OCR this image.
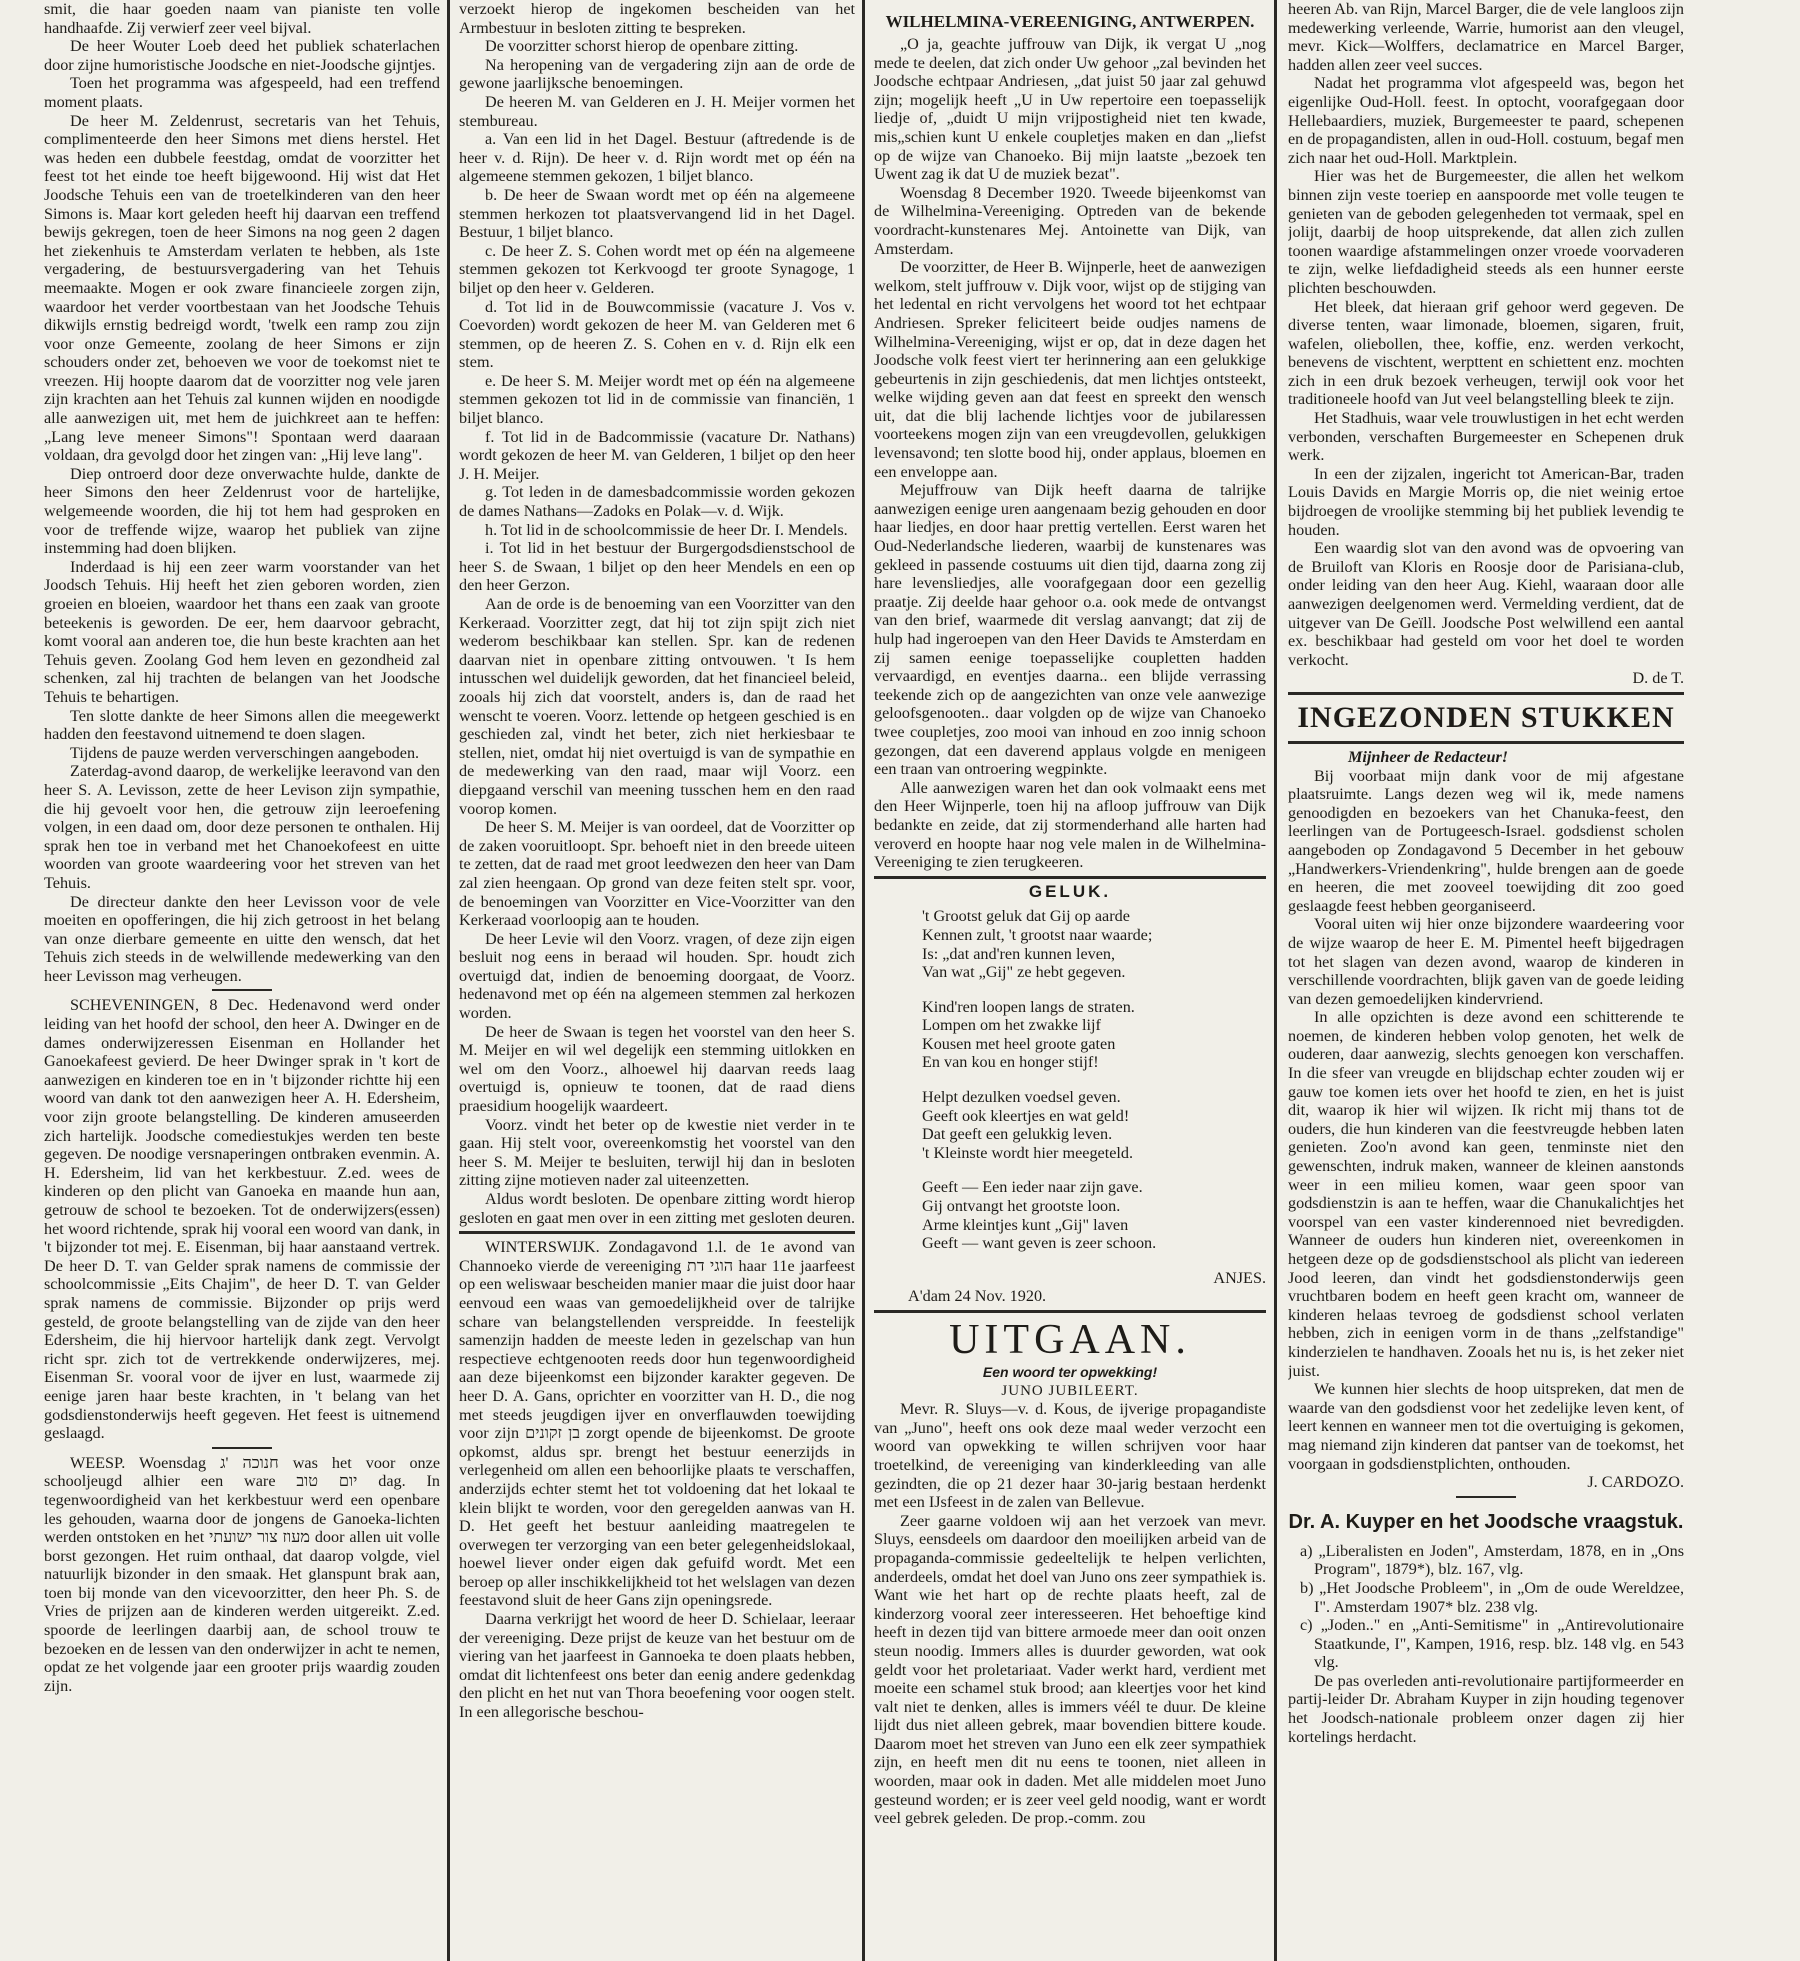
smit, die haar goeden naam van pianiste ten volle handhaafde. Zij verwierf zeer veel bijval.

De heer Wouter Loeb deed het publiek schaterlachen door zijne humoristische Joodsche en niet-Joodsche gijntjes.

Toen het programma was afgespeeld, had een treffend moment plaats.

De heer M. Zeldenrust, secretaris van het Tehuis, complimenteerde den heer Simons met diens herstel. Het was heden een dubbele feestdag, omdat de voorzitter het feest tot het einde toe heeft bijgewoond. Hij wist dat Het Joodsche Tehuis een van de troetelkinderen van den heer Simons is. Maar kort geleden heeft hij daarvan een treffend bewijs gekregen, toen de heer Simons na nog geen 2 dagen het ziekenhuis te Amsterdam verlaten te hebben, als 1ste vergadering, de bestuursvergadering van het Tehuis meemaakte. Mogen er ook zware financieele zorgen zijn, waardoor het verder voortbestaan van het Joodsche Tehuis dikwijls ernstig bedreigd wordt, 'twelk een ramp zou zijn voor onze Gemeente, zoolang de heer Simons er zijn schouders onder zet, behoeven we voor de toekomst niet te vreezen. Hij hoopte daarom dat de voorzitter nog vele jaren zijn krachten aan het Tehuis zal kunnen wijden en noodigde alle aanwezigen uit, met hem de juichkreet aan te heffen: „Lang leve meneer Simons"! Spontaan werd daaraan voldaan, dra gevolgd door het zingen van: „Hij leve lang".

Diep ontroerd door deze onverwachte hulde, dankte de heer Simons den heer Zeldenrust voor de hartelijke, welgemeende woorden, die hij tot hem had gesproken en voor de treffende wijze, waarop het publiek van zijne instemming had doen blijken.

Inderdaad is hij een zeer warm voorstander van het Joodsch Tehuis. Hij heeft het zien geboren worden, zien groeien en bloeien, waardoor het thans een zaak van groote beteekenis is geworden. De eer, hem daarvoor gebracht, komt vooral aan anderen toe, die hun beste krachten aan het Tehuis geven. Zoolang God hem leven en gezondheid zal schenken, zal hij trachten de belangen van het Joodsche Tehuis te behartigen.

Ten slotte dankte de heer Simons allen die meegewerkt hadden den feestavond uitnemend te doen slagen.

Tijdens de pauze werden ververschingen aangeboden.

Zaterdag-avond daarop, de werkelijke leeravond van den heer S. A. Levisson, zette de heer Levison zijn sympathie, die hij gevoelt voor hen, die getrouw zijn leeroefening volgen, in een daad om, door deze personen te onthalen. Hij sprak hen toe in verband met het Chanoekofeest en uitte woorden van groote waardeering voor het streven van het Tehuis.

De directeur dankte den heer Levisson voor de vele moeiten en opofferingen, die hij zich getroost in het belang van onze dierbare gemeente en uitte den wensch, dat het Tehuis zich steeds in de welwillende medewerking van den heer Levisson mag verheugen.

SCHEVENINGEN, 8 Dec. Hedenavond werd onder leiding van het hoofd der school, den heer A. Dwinger en de dames onderwijzeressen Eisenman en Hollander het Ganoekafeest gevierd. De heer Dwinger sprak in 't kort de aanwezigen en kinderen toe en in 't bijzonder richtte hij een woord van dank tot den aanwezigen heer A. H. Edersheim, voor zijn groote belangstelling. De kinderen amuseerden zich hartelijk. Joodsche comediestukjes werden ten beste gegeven. De noodige versnaperingen ontbraken evenmin. A. H. Edersheim, lid van het kerkbestuur. Z.ed. wees de kinderen op den plicht van Ganoeka en maande hun aan, getrouw de school te bezoeken. Tot de onderwijzers(essen) het woord richtende, sprak hij vooral een woord van dank, in 't bijzonder tot mej. E. Eisenman, bij haar aanstaand vertrek. De heer D. T. van Gelder sprak namens de commissie der schoolcommissie „Eits Chajim", de heer D. T. van Gelder sprak namens de commissie. Bijzonder op prijs werd gesteld, de groote belangstelling van de zijde van den heer Edersheim, die hij hiervoor hartelijk dank zegt. Vervolgt richt spr. zich tot de vertrekkende onderwijzeres, mej. Eisenman Sr. vooral voor de ijver en lust, waarmede zij eenige jaren haar beste krachten, in 't belang van het godsdienstonderwijs heeft gegeven. Het feest is uitnemend geslaagd.

WEESP. Woensdag חנוכה 'ג was het voor onze schooljeugd alhier een ware יום טוב dag. In tegenwoordigheid van het kerkbestuur werd een openbare les gehouden, waarna door de jongens de Ganoeka-lichten werden ontstoken en het מעוז צור ישועתי door allen uit volle borst gezongen. Het ruim onthaal, dat daarop volgde, viel natuurlijk bizonder in den smaak. Het glanspunt brak aan, toen bij monde van den vicevoorzitter, den heer Ph. S. de Vries de prijzen aan de kinderen werden uitgereikt. Z.ed. spoorde de leerlingen daarbij aan, de school trouw te bezoeken en de lessen van den onderwijzer in acht te nemen, opdat ze het volgende jaar een grooter prijs waardig zouden zijn.

verzoekt hierop de ingekomen bescheiden van het Armbestuur in besloten zitting te bespreken.

De voorzitter schorst hierop de openbare zitting.

Na heropening van de vergadering zijn aan de orde de gewone jaarlijksche benoemingen.

De heeren M. van Gelderen en J. H. Meijer vormen het stembureau.

a. Van een lid in het Dagel. Bestuur (aftredende is de heer v. d. Rijn). De heer v. d. Rijn wordt met op één na algemeene stemmen gekozen, 1 biljet blanco.

b. De heer de Swaan wordt met op één na algemeene stemmen herkozen tot plaatsvervangend lid in het Dagel. Bestuur, 1 biljet blanco.

c. De heer Z. S. Cohen wordt met op één na algemeene stemmen gekozen tot Kerkvoogd ter groote Synagoge, 1 biljet op den heer v. Gelderen.

d. Tot lid in de Bouwcommissie (vacature J. Vos v. Coevorden) wordt gekozen de heer M. van Gelderen met 6 stemmen, op de heeren Z. S. Cohen en v. d. Rijn elk een stem.

e. De heer S. M. Meijer wordt met op één na algemeene stemmen gekozen tot lid in de commissie van financiën, 1 biljet blanco.

f. Tot lid in de Badcommissie (vacature Dr. Nathans) wordt gekozen de heer M. van Gelderen, 1 biljet op den heer J. H. Meijer.

g. Tot leden in de damesbadcommissie worden gekozen de dames Nathans—Zadoks en Polak—v. d. Wijk.

h. Tot lid in de schoolcommissie de heer Dr. I. Mendels.

i. Tot lid in het bestuur der Burgergodsdienstschool de heer S. de Swaan, 1 biljet op den heer Mendels en een op den heer Gerzon.

Aan de orde is de benoeming van een Voorzitter van den Kerkeraad. Voorzitter zegt, dat hij tot zijn spijt zich niet wederom beschikbaar kan stellen. Spr. kan de redenen daarvan niet in openbare zitting ontvouwen. 't Is hem intusschen wel duidelijk geworden, dat het financieel beleid, zooals hij zich dat voorstelt, anders is, dan de raad het wenscht te voeren. Voorz. lettende op hetgeen geschied is en geschieden zal, vindt het beter, zich niet herkiesbaar te stellen, niet, omdat hij niet overtuigd is van de sympathie en de medewerking van den raad, maar wijl Voorz. een diepgaand verschil van meening tusschen hem en den raad voorop komen.

De heer S. M. Meijer is van oordeel, dat de Voorzitter op de zaken vooruitloopt. Spr. behoeft niet in den breede uiteen te zetten, dat de raad met groot leedwezen den heer van Dam zal zien heengaan. Op grond van deze feiten stelt spr. voor, de benoemingen van Voorzitter en Vice-Voorzitter van den Kerkeraad voorloopig aan te houden.

De heer Levie wil den Voorz. vragen, of deze zijn eigen besluit nog eens in beraad wil houden. Spr. houdt zich overtuigd dat, indien de benoeming doorgaat, de Voorz. hedenavond met op één na algemeen stemmen zal herkozen worden.

De heer de Swaan is tegen het voorstel van den heer S. M. Meijer en wil wel degelijk een stemming uitlokken en wel om den Voorz., alhoewel hij daarvan reeds laag overtuigd is, opnieuw te toonen, dat de raad diens praesidium hoogelijk waardeert.

Voorz. vindt het beter op de kwestie niet verder in te gaan. Hij stelt voor, overeenkomstig het voorstel van den heer S. M. Meijer te besluiten, terwijl hij dan in besloten zitting zijne motieven nader zal uiteenzetten.

Aldus wordt besloten. De openbare zitting wordt hierop gesloten en gaat men over in een zitting met gesloten deuren.

WINTERSWIJK. Zondagavond 1.l. de 1e avond van Channoeko vierde de vereeniging הוגי דת haar 11e jaarfeest op een weliswaar bescheiden manier maar die juist door haar eenvoud een waas van gemoedelijkheid over de talrijke schare van belangstellenden verspreidde. In feestelijk samenzijn hadden de meeste leden in gezelschap van hun respectieve echtgenooten reeds door hun tegenwoordigheid aan deze bijeenkomst een bijzonder karakter gegeven. De heer D. A. Gans, oprichter en voorzitter van H. D., die nog met steeds jeugdigen ijver en onverflauwden toewijding voor zijn בן זקונים zorgt opende de bijeenkomst. De groote opkomst, aldus spr. brengt het bestuur eenerzijds in verlegenheid om allen een behoorlijke plaats te verschaffen, anderzijds echter stemt het tot voldoening dat het lokaal te klein blijkt te worden, voor den geregelden aanwas van H. D. Het geeft het bestuur aanleiding maatregelen te overwegen ter verzorging van een beter gelegenheidslokaal, hoewel liever onder eigen dak gefuifd wordt. Met een beroep op aller inschikkelijkheid tot het welslagen van dezen feestavond sluit de heer Gans zijn openingsrede.

Daarna verkrijgt het woord de heer D. Schielaar, leeraar der vereeniging. Deze prijst de keuze van het bestuur om de viering van het jaarfeest in Gannoeka te doen plaats hebben, omdat dit lichtenfeest ons beter dan eenig andere gedenkdag den plicht en het nut van Thora beoefening voor oogen stelt. In een allegorische beschou-

WILHELMINA-VEREENIGING, ANTWERPEN.

„O ja, geachte juffrouw van Dijk, ik vergat U „nog mede te deelen, dat zich onder Uw gehoor „zal bevinden het Joodsche echtpaar Andriesen, „dat juist 50 jaar zal gehuwd zijn; mogelijk heeft „U in Uw repertoire een toepasselijk liedje of, „duidt U mijn vrijpostigheid niet ten kwade, mis„schien kunt U enkele coupletjes maken en dan „liefst op de wijze van Chanoeko. Bij mijn laatste „bezoek ten Uwent zag ik dat U de muziek bezat".

Woensdag 8 December 1920. Tweede bijeenkomst van de Wilhelmina-Vereeniging. Optreden van de bekende voordracht-kunstenares Mej. Antoinette van Dijk, van Amsterdam.

De voorzitter, de Heer B. Wijnperle, heet de aanwezigen welkom, stelt juffrouw v. Dijk voor, wijst op de stijging van het ledental en richt vervolgens het woord tot het echtpaar Andriesen. Spreker feliciteert beide oudjes namens de Wilhelmina-Vereeniging, wijst er op, dat in deze dagen het Joodsche volk feest viert ter herinnering aan een gelukkige gebeurtenis in zijn geschiedenis, dat men lichtjes ontsteekt, welke wijding geven aan dat feest en spreekt den wensch uit, dat die blij lachende lichtjes voor de jubilaressen voorteekens mogen zijn van een vreugdevollen, gelukkigen levensavond; ten slotte bood hij, onder applaus, bloemen en een enveloppe aan.

Mejuffrouw van Dijk heeft daarna de talrijke aanwezigen eenige uren aangenaam bezig gehouden en door haar liedjes, en door haar prettig vertellen. Eerst waren het Oud-Nederlandsche liederen, waarbij de kunstenares was gekleed in passende costuums uit dien tijd, daarna zong zij hare levensliedjes, alle voorafgegaan door een gezellig praatje. Zij deelde haar gehoor o.a. ook mede de ontvangst van den brief, waarmede dit verslag aanvangt; dat zij de hulp had ingeroepen van den Heer Davids te Amsterdam en zij samen eenige toepasselijke coupletten hadden vervaardigd, en eventjes daarna.. een blijde verrassing teekende zich op de aangezichten van onze vele aanwezige geloofsgenooten.. daar volgden op de wijze van Chanoeko twee coupletjes, zoo mooi van inhoud en zoo innig schoon gezongen, dat een daverend applaus volgde en menigeen een traan van ontroering wegpinkte.

Alle aanwezigen waren het dan ook volmaakt eens met den Heer Wijnperle, toen hij na afloop juffrouw van Dijk bedankte en zeide, dat zij stormenderhand alle harten had veroverd en hoopte haar nog vele malen in de Wilhelmina-Vereeniging te zien terugkeeren.

GELUK.
't Grootst geluk dat Gij op aarde
Kennen zult, 't grootst naar waarde;
Is: „dat and'ren kunnen leven,
Van wat „Gij" ze hebt gegeven.
Kind'ren loopen langs de straten.
Lompen om het zwakke lijf
Kousen met heel groote gaten
En van kou en honger stijf!
Helpt dezulken voedsel geven.
Geeft ook kleertjes en wat geld!
Dat geeft een gelukkig leven.
't Kleinste wordt hier meegeteld.
Geeft — Een ieder naar zijn gave.
Gij ontvangt het grootste loon.
Arme kleintjes kunt „Gij" laven
Geeft — want geven is zeer schoon.
ANJES.
A'dam 24 Nov. 1920.
UITGAAN.
Een woord ter opwekking!
JUNO JUBILEERT.

Mevr. R. Sluys—v. d. Kous, de ijverige propagandiste van „Juno", heeft ons ook deze maal weder verzocht een woord van opwekking te willen schrijven voor haar troetelkind, de vereeniging van kinderkleeding van alle gezindten, die op 21 dezer haar 30-jarig bestaan herdenkt met een IJsfeest in de zalen van Bellevue.

Zeer gaarne voldoen wij aan het verzoek van mevr. Sluys, eensdeels om daardoor den moeilijken arbeid van de propaganda-commissie gedeeltelijk te helpen verlichten, anderdeels, omdat het doel van Juno ons zeer sympathiek is. Want wie het hart op de rechte plaats heeft, zal de kinderzorg vooral zeer interesseeren. Het behoeftige kind heeft in dezen tijd van bittere armoede meer dan ooit onzen steun noodig. Immers alles is duurder geworden, wat ook geldt voor het proletariaat. Vader werkt hard, verdient met moeite een schamel stuk brood; aan kleertjes voor het kind valt niet te denken, alles is immers véél te duur. De kleine lijdt dus niet alleen gebrek, maar bovendien bittere koude. Daarom moet het streven van Juno een elk zeer sympathiek zijn, en heeft men dit nu eens te toonen, niet alleen in woorden, maar ook in daden. Met alle middelen moet Juno gesteund worden; er is zeer veel geld noodig, want er wordt veel gebrek geleden. De prop.-comm. zou

heeren Ab. van Rijn, Marcel Barger, die de vele langloos zijn medewerking verleende, Warrie, humorist aan den vleugel, mevr. Kick—Wolffers, declamatrice en Marcel Barger, hadden allen zeer veel succes.

Nadat het programma vlot afgespeeld was, begon het eigenlijke Oud-Holl. feest. In optocht, voorafgegaan door Hellebaardiers, muziek, Burgemeester te paard, schepenen en de propagandisten, allen in oud-Holl. costuum, begaf men zich naar het oud-Holl. Marktplein.

Hier was het de Burgemeester, die allen het welkom binnen zijn veste toeriep en aanspoorde met volle teugen te genieten van de geboden gelegenheden tot vermaak, spel en jolijt, daarbij de hoop uitsprekende, dat allen zich zullen toonen waardige afstammelingen onzer vroede voorvaderen te zijn, welke liefdadigheid steeds als een hunner eerste plichten beschouwden.

Het bleek, dat hieraan grif gehoor werd gegeven. De diverse tenten, waar limonade, bloemen, sigaren, fruit, wafelen, oliebollen, thee, koffie, enz. werden verkocht, benevens de vischtent, werpttent en schiettent enz. mochten zich in een druk bezoek verheugen, terwijl ook voor het traditioneele hoofd van Jut veel belangstelling bleek te zijn.

Het Stadhuis, waar vele trouwlustigen in het echt werden verbonden, verschaften Burgemeester en Schepenen druk werk.

In een der zijzalen, ingericht tot American-Bar, traden Louis Davids en Margie Morris op, die niet weinig ertoe bijdroegen de vroolijke stemming bij het publiek levendig te houden.

Een waardig slot van den avond was de opvoering van de Bruiloft van Kloris en Roosje door de Parisiana-club, onder leiding van den heer Aug. Kiehl, waaraan door alle aanwezigen deelgenomen werd. Vermelding verdient, dat de uitgever van De Geïll. Joodsche Post welwillend een aantal ex. beschikbaar had gesteld om voor het doel te worden verkocht.

D. de T.
INGEZONDEN STUKKEN
Mijnheer de Redacteur!

Bij voorbaat mijn dank voor de mij afgestane plaatsruimte. Langs dezen weg wil ik, mede namens genoodigden en bezoekers van het Chanuka-feest, den leerlingen van de Portugeesch-Israel. godsdienst scholen aangeboden op Zondagavond 5 December in het gebouw „Handwerkers-Vriendenkring", hulde brengen aan de goede en heeren, die met zooveel toewijding dit zoo goed geslaagde feest hebben georganiseerd.

Vooral uiten wij hier onze bijzondere waardeering voor de wijze waarop de heer E. M. Pimentel heeft bijgedragen tot het slagen van dezen avond, waarop de kinderen in verschillende voordrachten, blijk gaven van de goede leiding van dezen gemoedelijken kindervriend.

In alle opzichten is deze avond een schitterende te noemen, de kinderen hebben volop genoten, het welk de ouderen, daar aanwezig, slechts genoegen kon verschaffen. In die sfeer van vreugde en blijdschap echter zouden wij er gauw toe komen iets over het hoofd te zien, en het is juist dit, waarop ik hier wil wijzen. Ik richt mij thans tot de ouders, die hun kinderen van die feestvreugde hebben laten genieten. Zoo'n avond kan geen, tenminste niet den gewenschten, indruk maken, wanneer de kleinen aanstonds weer in een milieu komen, waar geen spoor van godsdienstzin is aan te heffen, waar die Chanukalichtjes het voorspel van een vaster kinderennoed niet bevredigden. Wanneer de ouders hun kinderen niet, overeenkomen in hetgeen deze op de godsdienstschool als plicht van iedereen Jood leeren, dan vindt het godsdienstonderwijs geen vruchtbaren bodem en heeft geen kracht om, wanneer de kinderen helaas tevroeg de godsdienst school verlaten hebben, zich in eenigen vorm in de thans „zelfstandige" kinderzielen te handhaven. Zooals het nu is, is het zeker niet juist.

We kunnen hier slechts de hoop uitspreken, dat men de waarde van den godsdienst voor het zedelijke leven kent, of leert kennen en wanneer men tot die overtuiging is gekomen, mag niemand zijn kinderen dat pantser van de toekomst, het voorgaan in godsdienstplichten, onthouden.

J. CARDOZO.
Dr. A. Kuyper en het Joodsche vraagstuk.
a) „Liberalisten en Joden", Amsterdam, 1878, en in „Ons Program", 1879*), blz. 167, vlg.
b) „Het Joodsche Probleem", in „Om de oude Wereldzee, I". Amsterdam 1907* blz. 238 vlg.
c) „Joden.." en „Anti-Semitisme" in „Antirevolutionaire Staatkunde, I", Kampen, 1916, resp. blz. 148 vlg. en 543 vlg.

De pas overleden anti-revolutionaire partijformeerder en partij-leider Dr. Abraham Kuyper in zijn houding tegenover het Joodsch-nationale probleem onzer dagen zij hier kortelings herdacht.
